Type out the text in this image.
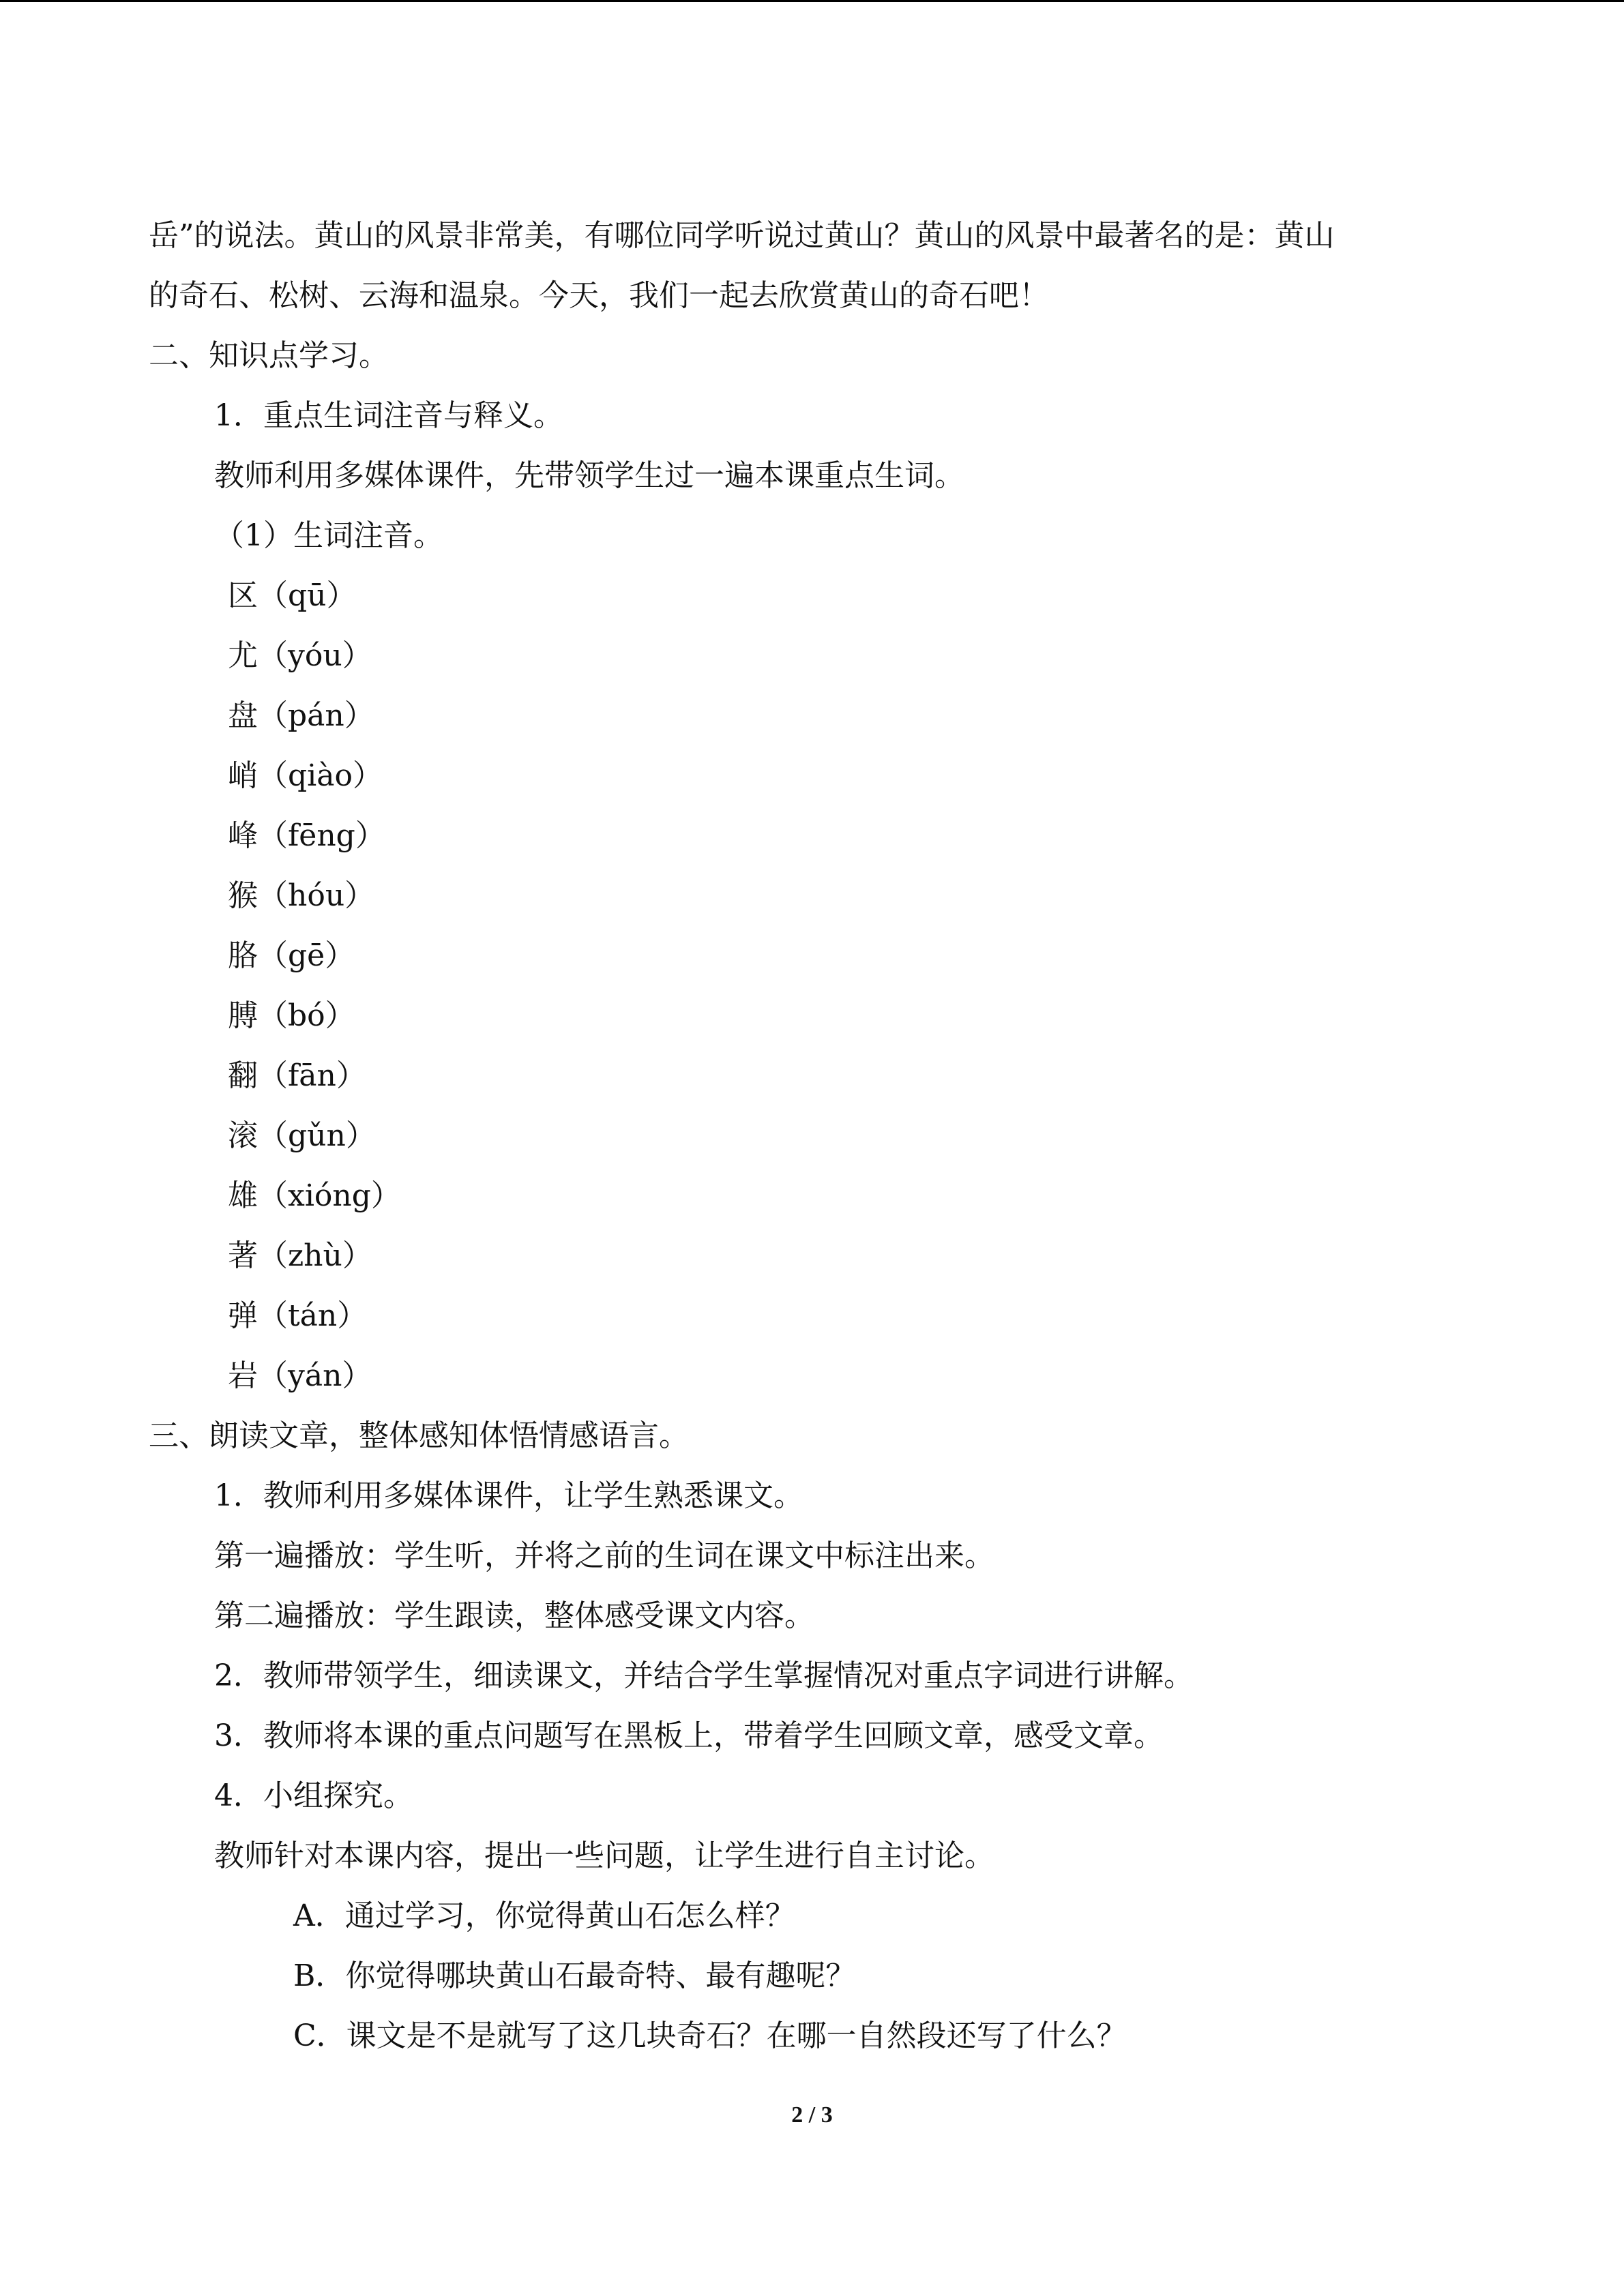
岳”的说法。黄山的风景非常美，有哪位同学听说过黄山？黄山的风景中最著名的是：黄山
的奇石、松树、云海和温泉。今天，我们一起去欣赏黄山的奇石吧！
二、知识点学习。
1．重点生词注音与释义。
教师利用多媒体课件，先带领学生过一遍本课重点生词。
（1）生词注音。
区（qū）
尤（yóu）
盘（pán）
峭（qiào）
峰（fēng）
猴（hóu）
胳（gē）
膊（bó）
翻（fān）
滚（gǔn）
雄（xióng）
著（zhù）
弹（tán）
岩（yán）
三、朗读文章，整体感知体悟情感语言。
1．教师利用多媒体课件，让学生熟悉课文。
第一遍播放：学生听，并将之前的生词在课文中标注出来。
第二遍播放：学生跟读，整体感受课文内容。
2．教师带领学生，细读课文，并结合学生掌握情况对重点字词进行讲解。
3．教师将本课的重点问题写在黑板上，带着学生回顾文章，感受文章。
4．小组探究。
教师针对本课内容，提出一些问题，让学生进行自主讨论。
A．通过学习，你觉得黄山石怎么样？
B．你觉得哪块黄山石最奇特、最有趣呢？
C．课文是不是就写了这几块奇石？在哪一自然段还写了什么？
2 / 3
